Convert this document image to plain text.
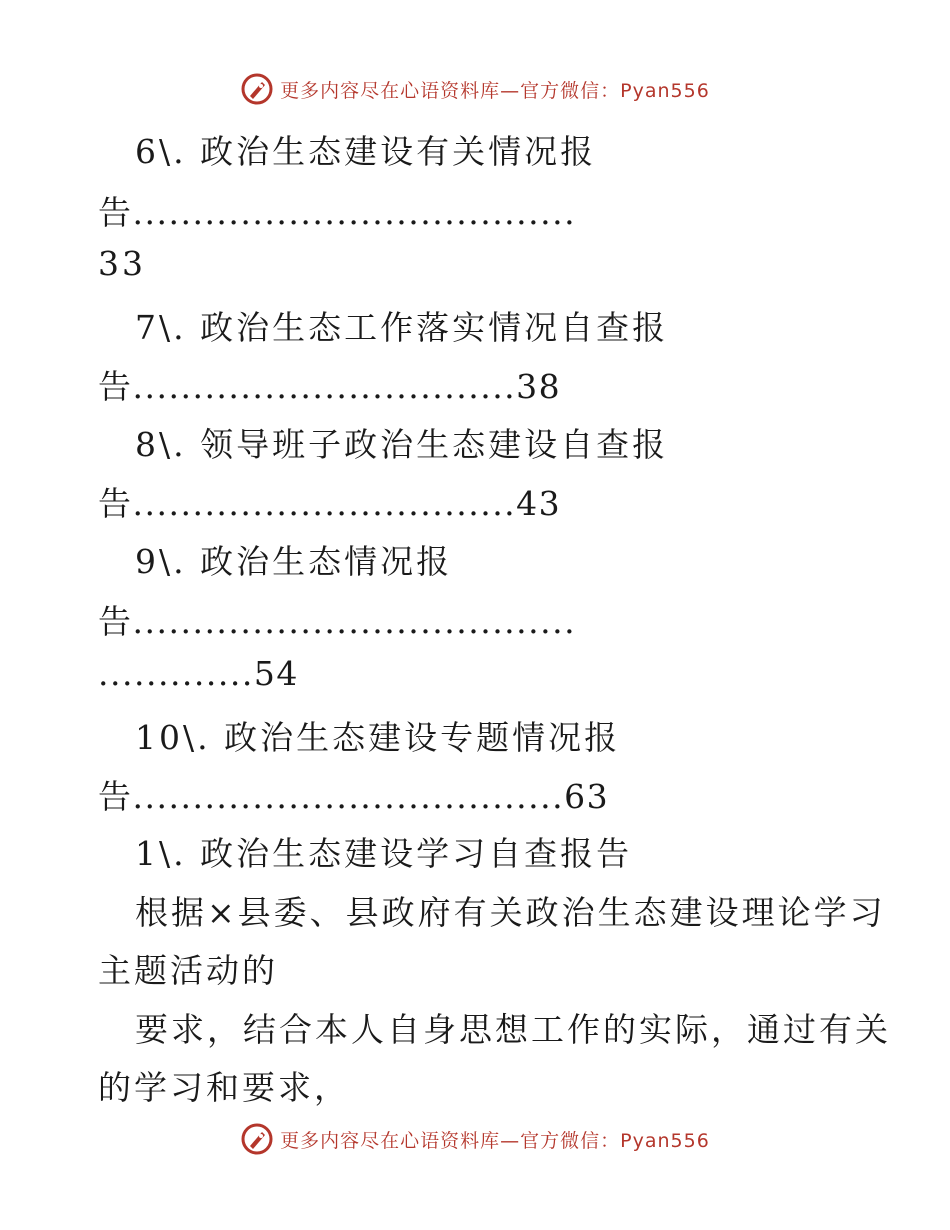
更多内容尽在心语资料库—官方微信：Pyan556
6\. 政治生态建设有关情况报
告.....................................
33
7\. 政治生态工作落实情况自查报
告................................38
8\. 领导班子政治生态建设自查报
告................................43
9\. 政治生态情况报
告.....................................
.............54
10\. 政治生态建设专题情况报
告....................................63
1\. 政治生态建设学习自查报告
根据×县委、县政府有关政治生态建设理论学习
主题活动的
要求，结合本人自身思想工作的实际，通过有关
的学习和要求，
更多内容尽在心语资料库—官方微信：Pyan556
